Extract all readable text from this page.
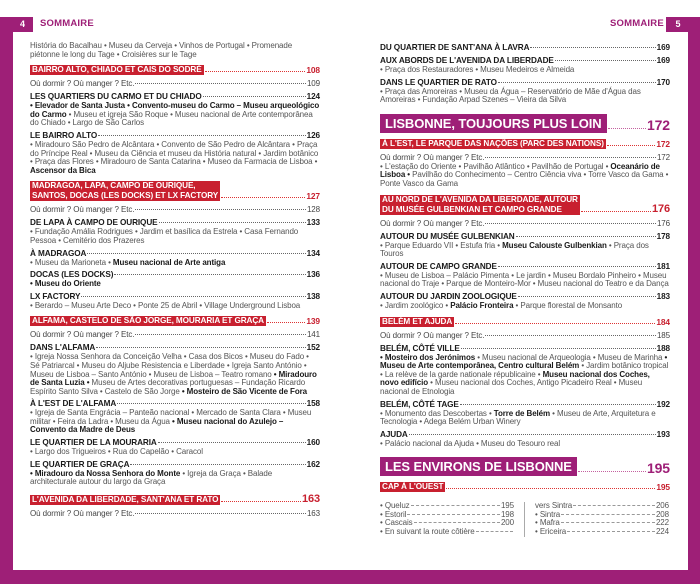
4	SOMMAIRE	SOMMAIRE	5
História do Bacalhau • Museu da Cerveja • Vinhos de Portugal • Promenade piétonne le long du Tage • Croisières sur le Tage
BAIRRO ALTO, CHIADO ET CAIS DO SODRÉ	108
Où dormir ? Où manger ? Etc.	109
LES QUARTIERS DU CARMO ET DU CHIADO	124
• Elevador de Santa Justa • Convento-museu do Carmo – Museu arqueológico do Carmo • Museu et igreja São Roque • Museu nacional de Arte contemporânea do Chiado • Largo de São Carlos
LE BAIRRO ALTO	126
• Miradouro São Pedro de Alcântara • Convento de São Pedro de Alcântara • Praça do Príncipe Real • Museu da Ciência et museu da História natural • Jardim botânico • Praça das Flores • Miradouro de Santa Catarina • Museo da Farmacia de Lisboa • Ascensor da Bica
MADRAGOA, LAPA, CAMPO DE OURIQUE,
SANTOS, DOCAS (LES DOCKS) ET LX FACTORY	127
Où dormir ? Où manger ? Etc.	128
DE LAPA À CAMPO DE OURIQUE	133
• Fundação Amália Rodrigues • Jardim et basílica da Estrela • Casa Fernando Pessoa • Cemitério dos Prazeres
À MADRAGOA	134
• Museu da Marioneta • Museu nacional de Arte antiga
DOCAS (LES DOCKS)	136
• Museu do Oriente
LX FACTORY	138
• Berardo – Museu Arte Deco • Ponte 25 de Abril • Village Underground Lisboa
ALFAMA, CASTELO DE SÃO JORGE, MOURARIA ET GRAÇA	139
Où dormir ? Où manger ? Etc.	141
DANS L'ALFAMA	152
• Igreja Nossa Senhora da Conceição Velha • Casa dos Bicos • Museu do Fado • Sé Patriarcal • Museu do Aljube Resistencia e Liberdade • Igreja Santo António • Museu de Lisboa – Santo António • Museu de Lisboa – Teatro romano • Miradouro de Santa Luzia • Museu de Artes decorativas portuguesas – Fundação Ricardo Espírito Santo Silva • Castelo de São Jorge • Mosteiro de São Vicente de Fora
À L'EST DE L'ALFAMA	158
• Igreja de Santa Engrácia – Panteão nacional • Mercado de Santa Clara • Museu militar • Feira da Ladra • Museu da Água • Museu nacional do Azulejo – Convento da Madre de Deus
LE QUARTIER DE LA MOURARIA	160
• Largo dos Trigueiros • Rua do Capelão • Caracol
LE QUARTIER DE GRAÇA	162
• Miradouro da Nossa Senhora do Monte • Igreja da Graça • Balade architecturale autour du largo da Graça
L'AVENIDA DA LIBERDADE, SANT'ANA ET RATO	163
Où dormir ? Où manger ? Etc.	163
DU QUARTIER DE SANT'ANA À LAVRA	169
AUX ABORDS DE L'AVENIDA DA LIBERDADE	169
• Praça dos Restauradores • Museu Medeiros e Almeida
DANS LE QUARTIER DE RATO	170
• Praça das Amoreiras • Museu da Água – Reservatório de Mãe d'Água das Amoreiras • Fundação Arpad Szenes – Vieira da Silva
LISBONNE, TOUJOURS PLUS LOIN	172
À L'EST, LE PARQUE DAS NAÇÕES (PARC DES NATIONS)	172
Où dormir ? Où manger ? Etc.	172
• L'estação do Oriente • Pavilhão Atlântico • Pavilhão de Portugal • Oceanário de Lisboa • Pavilhão do Conhecimento – Centro Ciência viva • Torre Vasco da Gama • Ponte Vasco da Gama
AU NORD DE L'AVENIDA DA LIBERDADE, AUTOUR
DU MUSÉE GULBENKIAN ET CAMPO GRANDE	176
Où dormir ? Où manger ? Etc.	176
AUTOUR DU MUSÉE GULBENKIAN	178
• Parque Eduardo VII • Estufa fria • Museu Calouste Gulbenkian • Praça dos Touros
AUTOUR DE CAMPO GRANDE	181
• Museu de Lisboa – Palácio Pimenta • Le jardin • Museu Bordalo Pinheiro • Museu nacional do Traje • Parque de Monteiro-Mor • Museu nacional do Teatro e da Dança
AUTOUR DU JARDIN ZOOLOGIQUE	183
• Jardim zoológico • Palácio Fronteira • Parque florestal de Monsanto
BELÉM ET AJUDA	184
Où dormir ? Où manger ? Etc.	185
BELÉM, CÔTÉ VILLE	188
• Mosteiro dos Jerónimos • Museu nacional de Arqueologia • Museu de Marinha • Museu de Arte contemporânea, Centro cultural Belém • Jardim botânico tropical • La relève de la garde nationale républicaine • Museu nacional dos Coches, novo edifício • Museu nacional dos Coches, Antigo Picadeiro Real • Museu nacional de Etnologia
BELÉM, CÔTÉ TAGE	192
• Monumento das Descobertas • Torre de Belém • Museu de Arte, Arquitetura e Tecnologia • Adega Belém Urban Winery
AJUDA	193
• Palácio nacional da Ajuda • Museu do Tesouro real
LES ENVIRONS DE LISBONNE	195
CAP À L'OUEST	195
• Queluz	195
• Estoril	198
• Cascais	200
• En suivant la route côtière
vers Sintra	206
• Sintra	208
• Mafra	222
• Ericeira	224
